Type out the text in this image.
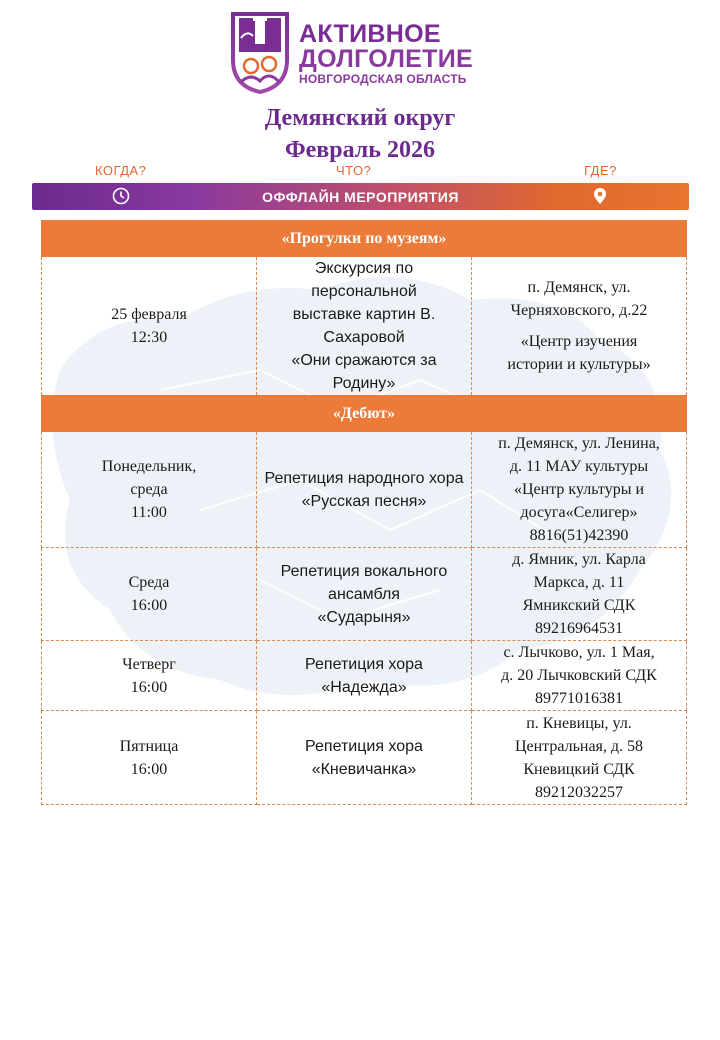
АКТИВНОЕ
ДОЛГОЛЕТИЕ
НОВГОРОДСКАЯ ОБЛАСТЬ
Демянский округ
Февраль 2026
КОГДА?	ЧТО?	ГДЕ?
ОФФЛАЙН МЕРОПРИЯТИЯ
«Прогулки по музеям»		

25 февраля
12:30	Экскурсия по персональной
выставке картин В. Сахаровой
«Они сражаются за Родину»	п. Демянск, ул.
Черняховского, д.22
«Центр изучения
истории и культуры»

«Дебют»		

Понедельник,
среда
11:00	Репетиция народного хора
«Русская песня»	п. Демянск, ул. Ленина,
д. 11 МАУ культуры
«Центр культуры и
досуга«Селигер»
8816(51)42390

Среда
16:00	Репетиция вокального ансамбля
«Сударыня»	д. Ямник, ул. Карла
Маркса, д. 11
Ямникский СДК
89216964531

Четверг
16:00	Репетиция хора «Надежда»	с. Лычково, ул. 1 Мая,
д. 20 Лычковский СДК
89771016381

Пятница
16:00	Репетиция хора «Кневичанка»	п. Кневицы, ул.
Центральная, д. 58
Кневицкий СДК
89212032257
